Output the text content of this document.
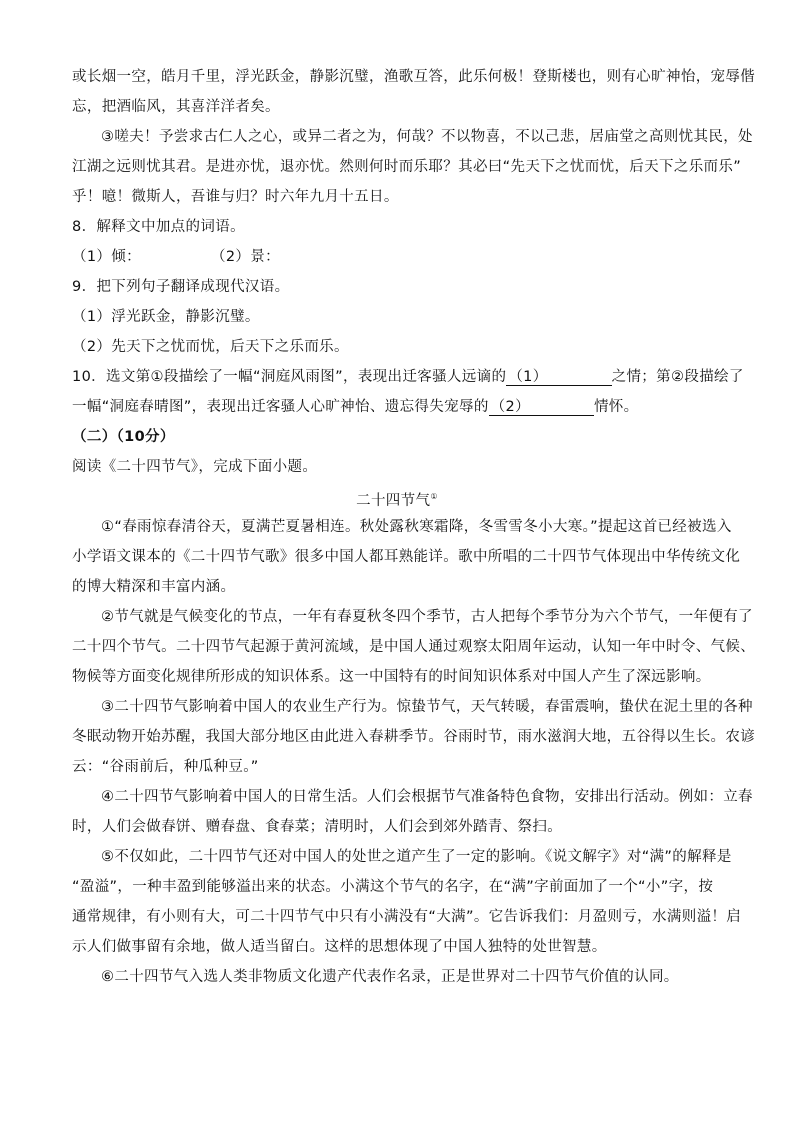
或长烟一空，皓月千里，浮光跃金，静影沉璧，渔歌互答，此乐何极！登斯楼也，则有心旷神怡，宠辱偕
忘，把酒临风，其喜洋洋者矣。
③嗟夫！予尝求古仁人之心，或异二者之为，何哉？不以物喜，不以己悲，居庙堂之高则忧其民，处
江湖之远则忧其君。是进亦忧，退亦忧。然则何时而乐耶？其必曰“先天下之忧而忧，后天下之乐而乐”
乎！噫！微斯人，吾谁与归？时六年九月十五日。
8．解释文中加点的词语。
（1）倾：	（2）景：
9．把下列句子翻译成现代汉语。
（1）浮光跃金，静影沉璧。
（2）先天下之忧而忧，后天下之乐而乐。
10．选文第①段描绘了一幅“洞庭风雨图”，表现出迁客骚人远谪的 （1）	之情；第②段描绘了
一幅“洞庭春晴图”，表现出迁客骚人心旷神怡、遗忘得失宠辱的 （2）	情怀。
（二）（10分）
阅读《二十四节气》，完成下面小题。
二十四节气①
①“春雨惊春清谷天，夏满芒夏暑相连。秋处露秋寒霜降，冬雪雪冬小大寒。”提起这首已经被选入
小学语文课本的《二十四节气歌》很多中国人都耳熟能详。歌中所唱的二十四节气体现出中华传统文化
的博大精深和丰富内涵。
②节气就是气候变化的节点，一年有春夏秋冬四个季节，古人把每个季节分为六个节气，一年便有了
二十四个节气。二十四节气起源于黄河流域，是中国人通过观察太阳周年运动，认知一年中时令、气候、
物候等方面变化规律所形成的知识体系。这一中国特有的时间知识体系对中国人产生了深远影响。
③二十四节气影响着中国人的农业生产行为。惊蛰节气，天气转暖，春雷震响，蛰伏在泥土里的各种
冬眠动物开始苏醒，我国大部分地区由此进入春耕季节。谷雨时节，雨水滋润大地，五谷得以生长。农谚
云：“谷雨前后，种瓜种豆。”
④二十四节气影响着中国人的日常生活。人们会根据节气准备特色食物，安排出行活动。例如：立春
时，人们会做春饼、赠春盘、食春菜；清明时，人们会到郊外踏青、祭扫。
⑤不仅如此，二十四节气还对中国人的处世之道产生了一定的影响。《说文解字》对“满”的解释是
“盈溢”，一种丰盈到能够溢出来的状态。小满这个节气的名字，在“满”字前面加了一个“小”字，按
通常规律，有小则有大，可二十四节气中只有小满没有“大满”。它告诉我们：月盈则亏，水满则溢！启
示人们做事留有余地，做人适当留白。这样的思想体现了中国人独特的处世智慧。
⑥二十四节气入选人类非物质文化遗产代表作名录，正是世界对二十四节气价值的认同。
